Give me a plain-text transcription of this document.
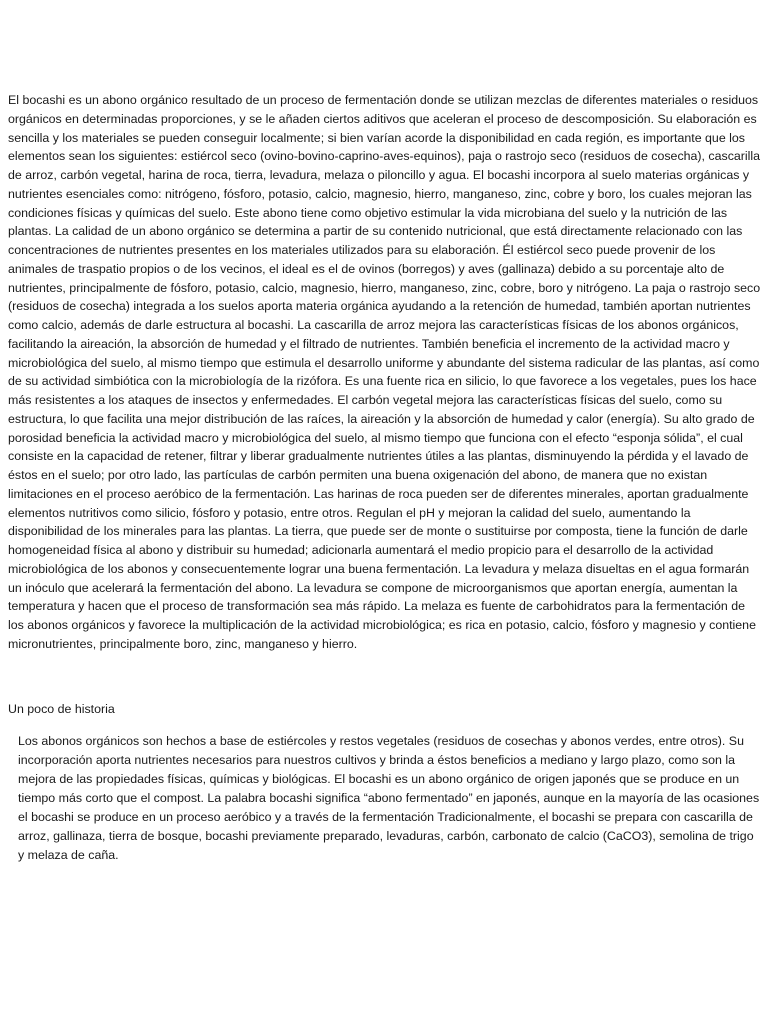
El bocashi es un abono orgánico resultado de un proceso de fermentación donde se utilizan mezclas de diferentes materiales o residuos orgánicos en determinadas proporciones, y se le añaden ciertos aditivos que aceleran el proceso de descomposición. Su elaboración es sencilla y los materiales se pueden conseguir localmente; si bien varían acorde la disponibilidad en cada región, es importante que los elementos sean los siguientes: estiércol seco (ovino-bovino-caprino-aves-equinos), paja o rastrojo seco (residuos de cosecha), cascarilla de arroz, carbón vegetal, harina de roca, tierra, levadura, melaza o piloncillo y agua. El bocashi incorpora al suelo materias orgánicas y nutrientes esenciales como: nitrógeno, fósforo, potasio, calcio, magnesio, hierro, manganeso, zinc, cobre y boro, los cuales mejoran las condiciones físicas y químicas del suelo. Este abono tiene como objetivo estimular la vida microbiana del suelo y la nutrición de las plantas. La calidad de un abono orgánico se determina a partir de su contenido nutricional, que está directamente relacionado con las concentraciones de nutrientes presentes en los materiales utilizados para su elaboración. Él estiércol seco puede provenir de los animales de traspatio propios o de los vecinos, el ideal es el de ovinos (borregos) y aves (gallinaza) debido a su porcentaje alto de nutrientes, principalmente de fósforo, potasio, calcio, magnesio, hierro, manganeso, zinc, cobre, boro y nitrógeno. La paja o rastrojo seco (residuos de cosecha) integrada a los suelos aporta materia orgánica ayudando a la retención de humedad, también aportan nutrientes como calcio, además de darle estructura al bocashi. La cascarilla de arroz mejora las características físicas de los abonos orgánicos, facilitando la aireación, la absorción de humedad y el filtrado de nutrientes. También beneficia el incremento de la actividad macro y microbiológica del suelo, al mismo tiempo que estimula el desarrollo uniforme y abundante del sistema radicular de las plantas, así como de su actividad simbiótica con la microbiología de la rizófora. Es una fuente rica en silicio, lo que favorece a los vegetales, pues los hace más resistentes a los ataques de insectos y enfermedades. El carbón vegetal mejora las características físicas del suelo, como su estructura, lo que facilita una mejor distribución de las raíces, la aireación y la absorción de humedad y calor (energía). Su alto grado de porosidad beneficia la actividad macro y microbiológica del suelo, al mismo tiempo que funciona con el efecto “esponja sólida”, el cual consiste en la capacidad de retener, filtrar y liberar gradualmente nutrientes útiles a las plantas, disminuyendo la pérdida y el lavado de éstos en el suelo; por otro lado, las partículas de carbón permiten una buena oxigenación del abono, de manera que no existan limitaciones en el proceso aeróbico de la fermentación. Las harinas de roca pueden ser de diferentes minerales, aportan gradualmente elementos nutritivos como silicio, fósforo y potasio, entre otros. Regulan el pH y mejoran la calidad del suelo, aumentando la disponibilidad de los minerales para las plantas. La tierra, que puede ser de monte o sustituirse por composta, tiene la función de darle homogeneidad física al abono y distribuir su humedad; adicionarla aumentará el medio propicio para el desarrollo de la actividad microbiológica de los abonos y consecuentemente lograr una buena fermentación. La levadura y melaza disueltas en el agua formarán un inóculo que acelerará la fermentación del abono. La levadura se compone de microorganismos que aportan energía, aumentan la temperatura y hacen que el proceso de transformación sea más rápido. La melaza es fuente de carbohidratos para la fermentación de los abonos orgánicos y favorece la multiplicación de la actividad microbiológica; es rica en potasio, calcio, fósforo y magnesio y contiene micronutrientes, principalmente boro, zinc, manganeso y hierro.

Un poco de historia

Los abonos orgánicos son hechos a base de estiércoles y restos vegetales (residuos de cosechas y abonos verdes, entre otros). Su incorporación aporta nutrientes necesarios para nuestros cultivos y brinda a éstos beneficios a mediano y largo plazo, como son la mejora de las propiedades físicas, químicas y biológicas. El bocashi es un abono orgánico de origen japonés que se produce en un tiempo más corto que el compost. La palabra bocashi significa “abono fermentado” en japonés, aunque en la mayoría de las ocasiones el bocashi se produce en un proceso aeróbico y a través de la fermentación Tradicionalmente, el bocashi se prepara con cascarilla de arroz, gallinaza, tierra de bosque, bocashi previamente preparado, levaduras, carbón, carbonato de calcio (CaCO3), semolina de trigo y melaza de caña.
